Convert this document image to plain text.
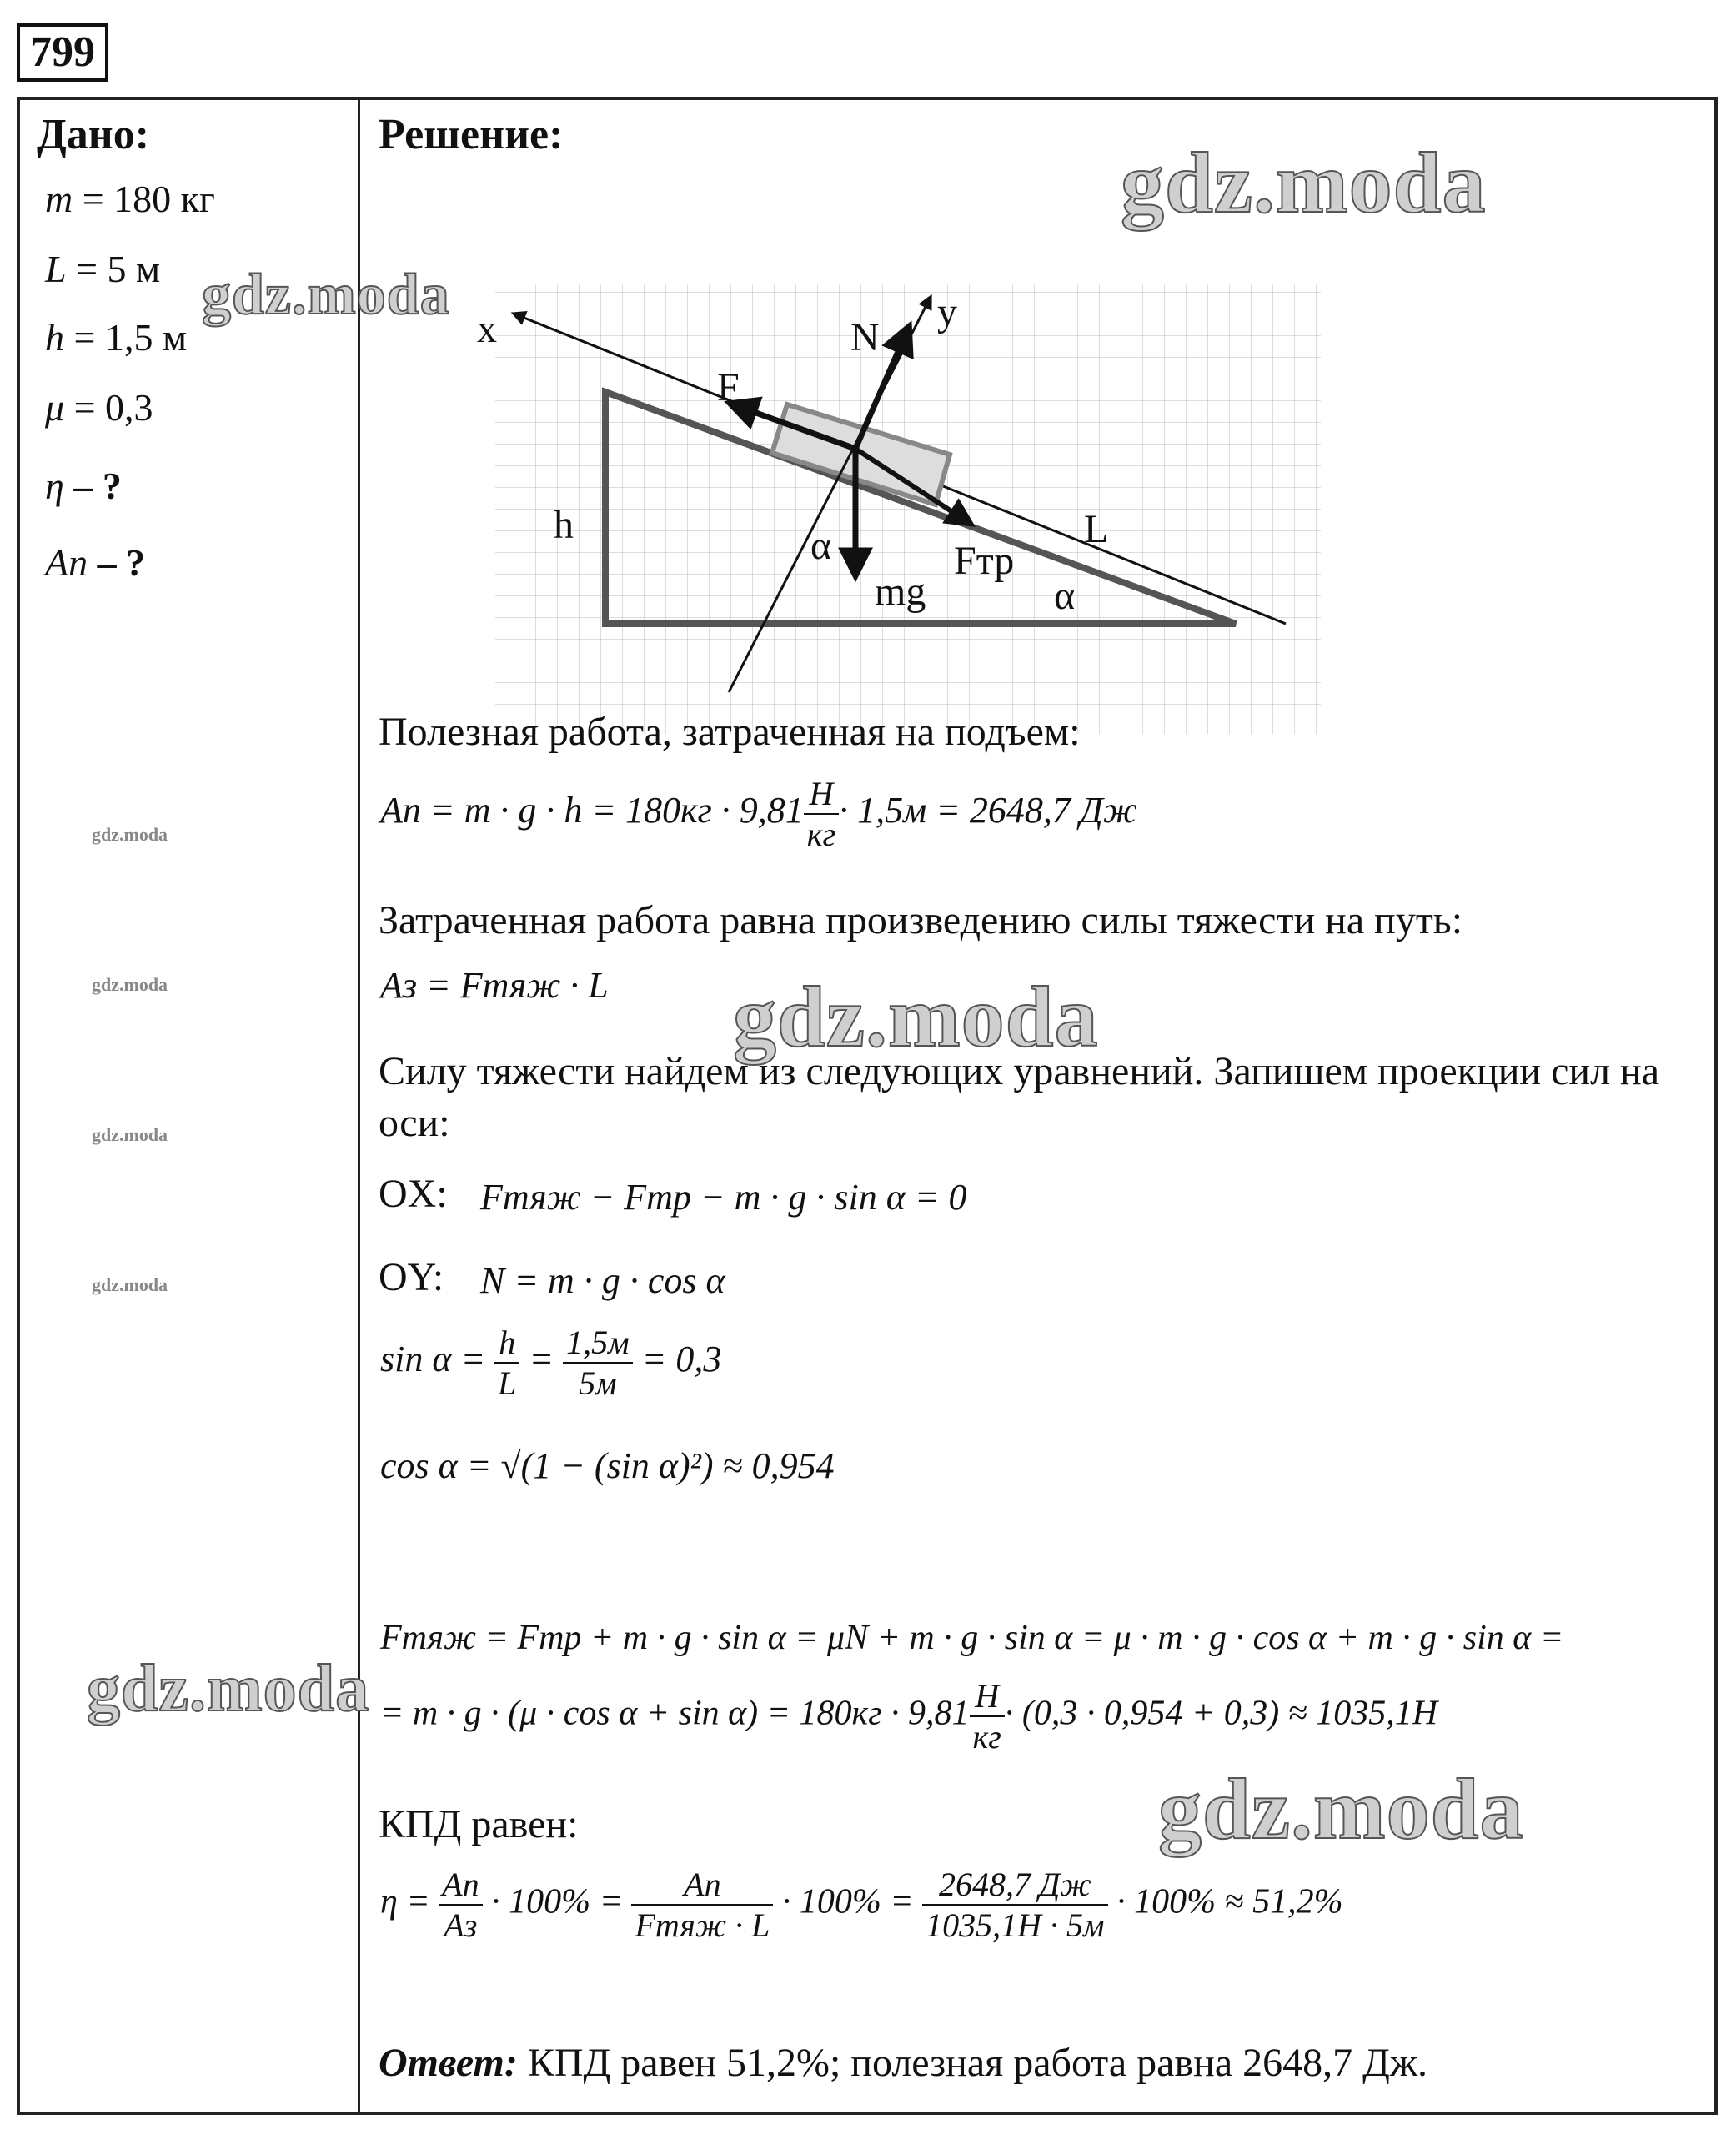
799
Дано:	Решение:
m = 180 кг
L = 5 м
h = 1,5 м
μ = 0,3
η – ?
Aп – ?
x	y
N
F
h	L
α
mg
Fтр
α
Полезная работа, затраченная на подъем:
Aп = $m \cdot g \cdot h = 180кг \cdot 9,81 \frac{Н}{кг} \cdot 1,5м = 2648,7$ Дж
Затраченная работа равна произведению силы тяжести на путь:
Aз = Fтяж · L
Силу тяжести найдем из следующих уравнений. Запишем проекции сил на оси:
OX: Fтяж − Fтр − m · g · sin α = 0
OY: N = m · g · cos α
$\sin \alpha = \frac{h}{L} = \frac{1,5м}{5м} = 0,3$
cos α = √(1 − (sin α)²) ≈ 0,954
Fтяж = Fтр + m · g · sin α = μN + m · g · sin α = μ · m · g · cos α + m · g · sin α =
= $m \cdot g \cdot (\mu \cdot \cos \alpha + \sin \alpha) = 180кг \cdot 9,81 \frac{Н}{кг} \cdot (0,3 \cdot 0,954 + 0,3) \approx 1035,1Н$
КПД равен:
$\eta = \frac{Aп}{Aз} \cdot 100\% = \frac{Aп}{\text{Fтяж · L}} \cdot 100\% = \frac{2648,7 Дж}{1035,1Н \cdot 5м} \cdot 100\% \approx 51,2\%$
Ответ: КПД равен 51,2%; полезная работа равна 2648,7 Дж.
gdz.moda
gdz.moda
gdz.moda
gdz.moda
gdz.moda
gdz.moda
gdz.moda
gdz.moda
gdz.moda
